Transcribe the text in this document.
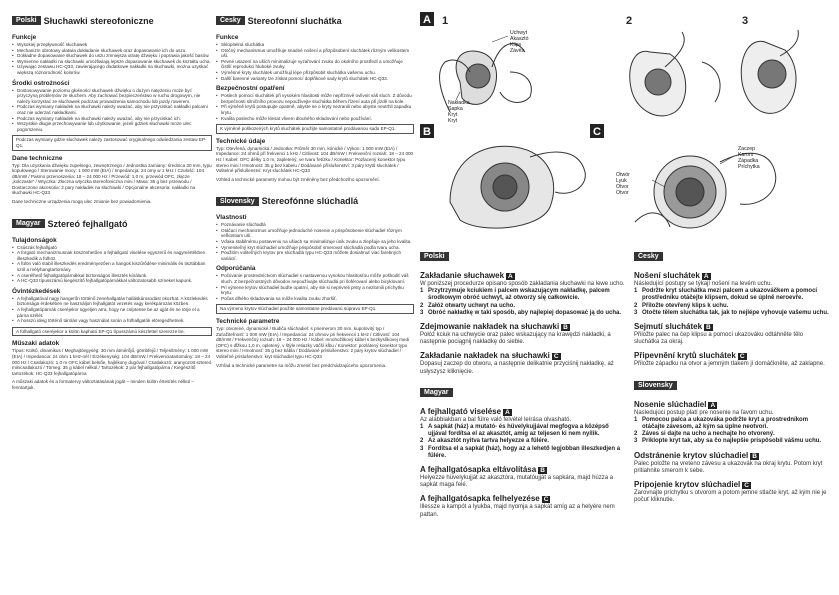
Polski Słuchawki stereofoniczne
Funkcje
• Wysokiej przepływność słuchawek
• Mechanizm obrotowy ułatwia dokładanie słuchawek oraz dopasowanie ich do uszu.
• Dokładne dopasowanie słuchawek do uszu zmniejsza utratę dźwięku i poprawia jakość basów.
• Wymienne nakładki na słuchawki umożliwiają lepsze dopasowanie słuchawek do kształtu ucha.
• Używając zestawu HC-Q33, zawierającego dodatkowe nakładki na słuchawki, można uzyskać większą różnorodność kolorów.
Środki ostrożności
• Dostosowywanie poziomu głośności słuchawek dźwięku o dużym natężeniu może być przyczyną problemów ze słuchem. Aby zachować bezpieczeństwo w ruchu drogowym, nie należy korzystać ze słuchawek podczas prowadzenia samochodu lub jazdy rowerem.
• Podczas wymiany nakładek na słuchawki należy uważać, aby nie przyciskać nakładki palcami oraz nie uderzać nakładkami.
• Podczas wymiany nakładek na słuchawki należy uważać, aby nie przyciskać ich.
• Wszystkie długie przechowywanie lub użytkowanie, jeżeli gdzieś słuchawki może ulec pogorszeniu.
Podczas wymiany gdzie słuchawek należy zastosować oryginalnego odwiedzania zestaw EP-Q1.
Dane techniczne
Typ: Dla uzyskania dźwięku zupełnego, zewnętrznego / Jednostka zamiany: średnica 30 mm, typu kopułowego / Sterowanie mocy: 1 000 mW (EIA) / Impedancja: 24 omy w 1 kHz / Czułość: 104 dB/mW / Pasmo przenoszenia: 18 – 24 000 Hz / Przewód: 1,0 m, przewód OFC, złącze „kolczaste” / Wtyczka: Złoczna wtyczka stereofoniczna mini / Masa: 35 g bez przewodu / Dostarczone akcesoria: 2 pary nakładek na słuchawki / Opcjonalne akcesoria: nakładki na słuchawki HC-Q33
Dane techniczne urządzenia mogą ulec zmianie bez powiadomienia.
Magyar Sztereó fejhallgató
Tulajdonságok
• Csúszás fejhallgató
• A forgató mechanizmusnak köszönhetően a fejhallgató viselése egyszerű és nagymértékben illeszkedik a fülhöz.
• A fülön való stabil illeszkedés eredményezően a hangok kiszűrődése minimális és tisztábban szól a mélyhangtartomány.
• A cserélhető fejhallgatópárnákkal biztonságos illesztés kínálunk.
• A HC-Q33 típusszámú kiegészítő fejhallgatópárnákkal változatosabb színeket kapunk.
Óvintézkedések
• A fejhallgatóval nagy hangerőn történő zenehallgatás halláskárosodást okozhat. A közlekedés biztonsága érdekében ne használjon fejhallgatót vezetés vagy kerékpározás közben.
• A fejhallgatópárnák cseréjekor ügyeljen arra, hogy ne csíptesse be az ujját és ne törje el a párna szélét.
• A hosszú ideig történő tárolás vagy használat során a fülhallgatók elöregedhetnek.
A fülhallgató cseréjekor a külön kapható EP-Q1 típusszámú készlettel szerezze be.
Műszaki adatok
Típus: Külső, dinamikus / Meghajtóegység: 30 mm átmérőjű, gömbfejű / Teljesítmény: 1 000 mW (EIA) / Impedancia: 24 ohm 1 kHz-nél / Érzékenység: 104 dB/mW / Frekvenciatartomány: 18 – 24 000 Hz / Csatlakozó: 1,0 m OFC kábel belsőe, hajlékony dugóval / Csatlakozó: aranyozott sztereó minicsatlakozó / Tömeg: 35 g kábel nélkül / Tartozékok: 2 pár fejhallgatópárna / Kiegészítő tartozékok: HC-Q33 fejhallgatópárna
A műszaki adatok és a formatervy változtatásának jogát – minden külön értesítés nélkül – fenntartjuk.
Česky Stereofonní sluchátka
Funkce
• Sklopitelná sluchátka
• Otočný mechanismus umožňuje snadné nošení a přizpůsobení sluchátek různým velikostem uší.
• Pevné usazení na uších minimalizuje vyzařování zvuku do okolního prostředí a umožňuje čistší reprodukci hluboké zvuky.
• Výměnné kryty sluchátek umožňují lépe přizpůsobit sluchátka vašemu uchu.
• Další barevné varianty lze získat pomocí doplňkové sady krytů sluchátek HC-Q33.
Bezpečnostní opatření
• Poslech pomocí sluchátek při vysokém hlasitosti může nepříznivě ovlivnit váš sluch. Z důvodu bezpečnosti silničního provozu nepoužívejte sluchátka během řízení auta při jízdě na kole.
• Při výměně krytů postupujte opatrně, abyste se o kryty nezranili nebo abyste neutrhli zapadku krytu.
• Kvalita poslechu může klesat vlivem dlouhého skladování nebo používání.
K výměně poškozených krytů sluchátek použijte samostatně prodávanou sadu EP-Q1.
Technické údaje
Typ: Otevřená, dynamická / Jednotka: Průměr 30 mm, kónické / Výkon: 1 000 mW (EIA) / Impedance: 24 ohmů při frekvenci 1 kHz / Citlivost: 104 dB/mW / Frekvenční rozsah: 18 – 24 000 Hz / Kabel: OFC délky 1,0 m, zapletený, ve tvaru řetízku / Konektor: Pozlacený konektor typu stereo mini / Hmotnost: 35 g bez kabelu / Dodávané příslušenství: 3 páry krytů sluchátek / Volitelné příslušenství: Kryt sluchátek HC-Q33
Vzhled a technické parametry mohou být změněny bez předchozího upozornění.
Slovensky Stereofónne slúchadlá
Vlastnosti
• Poznávanie slúchadlá
• Otáčací mechanizmus umožňuje jednoduché nosenie a prispôsobenie slúchadiel rôznym veľkostiam uší.
• Vďaka stabilnému postaveniu na ušiach sa minimalizuje únik zvuku a zlepšuje sa jeho kvalita.
• Vymeniteľný kryt slúchadiel umožňuje prispôsobiť smerovať slúchadlá podľa tvaru ucha.
• Použitím voliteľných krytov pre slúchadlá typu HC-Q33 môžete dosiahnuť viac farebných variácií.
Odporúčania
• Počúvanie prostredníctvom slúchadiel s nastavenou vysokou hlasitosťou môže poškodiť váš sluch. Z bezpečnostných dôvodov nepoužívajte slúchadlá pri šoférovaní alebo bicyklovaní.
• Pri výmene krytov slúchadiel buďte opatrní, aby ste si neprivreli prsty a nezlomili príchytku krytu.
• Počas dlhého skladovania sa môže kvalita zvuku zhoršiť.
Na výmenu krytov slúchadiel použite samostatne predávanú súpravu EP-Q1.
Technické parametre
Typ: otvorené, dynamické / Budiča slúchadiel: s priemerom 30 mm, kupolovitý typ / Zaťažiteľnosť: 1 000 mW (EIA) / Impedancia: 24 ohmov pri frekvencii 1 kHz / Citlivosť: 104 dB/mW / Frekvenčný rozsah: 18 – 24 000 Hz / Kábel: mnohožilkový kábel s bezkyslíkovej medi (OFC) s dĺžkou 1,0 m, opletený, v štýle retiazky väčší kĺbu / Konektor: pozlátený konektor typu stereo mini / Hmotnosť: 35 g bez kábla / Dodávané príslušenstvo: 2 páry krytov slúchadiel / Voliteľné príslušenstvo: kryt slúchadiel typu HC-Q33
Vzhľad a technické parametre sa môžu zmeniť bez predchádzajúceho upozornenia.
A 1	2	3
Uchwyt Akasztó Klips Závěs
Nakładka Sapka Kryt Kryt
B	C
Zaczep Karom Západka Príchytka
Otwór Lyuk Otvor Otvor
Polski
Zakładanie słuchawek A
W poniższej procedurze opisano sposób zakładania słuchawki na lewe ucho.
1 Przytrzymuje kciukiem i palcem wskazującym nakładkę, palcem środkowym obróć uchwyt, aż otworzy się całkowicie.
2 Załóż otwarty uchwyt na ucho.
3 Obróć nakładkę w taki sposób, aby najlepiej dopasować ją do ucha.
Zdejmowanie nakładek na słuchawki B
Połóż kciuk na uchwycie oraz palec wskazujący na krawędzi nakładki, a następnie pociągnij nakładkę do siebie.
Zakładanie nakładek na słuchawki C
Dopasuj zaczep do otworu, a następnie delikatnie przyciśnij nakładkę, aż usłyszysz kliknięcie.
Magyar
A fejhallgató viselése A
Az alábbiakban a bal fülre való felvétel leírása olvasható.
1 A sapkát (ház) a mutató- és hüvelykujjával megfogva a középső ujjával fordítsa el az akasztót, amig az teljesen ki nem nyílik.
2 Az akasztót nyitva tartva helyezze a fülére.
3 Fordítsa el a sapkát (ház), hogy az a lehető legjobban illeszkedjen a fülére.
A fejhallgatósapka eltávolítása B
Helyezze hüvelykujját az akasztóra, mutatóujját a sapkára, majd húzza a sapkát maga felé.
A fejhallgatósapka felhelyezése C
Illessze a kampót a lyukba, majd nyomja a sapkát amíg az a helyére nem pattan.
Česky
Nošení sluchátek A
Následující postupy se týkají nošení na levém uchu.
1 Podržte kryt sluchátka mezi palcem a ukazováčkem a pomocí prostředníku otáčejte klipsem, dokud se úplně neroevře.
2 Přiložte otevřený klips k uchu.
3 Otočte tělem sluchátka tak, jak to nejlépe vyhovuje vašemu uchu.
Sejmutí sluchátek B
Přiložte palec na čep klipsu a pomocí ukazováku odtáhněte tělo sluchátka za okraj.
Připevnění krytů sluchátek C
Přiložte západku na otvor a jemným tlakem jí domáčkněte, až zaklapne.
Slovensky
Nosenie slúchadiel A
Nasledujúci postup platí pre nosenie na ľavom uchu.
1 Pomocou palca a ukazováka podržte kryt a prostredníkom otáčajte závesom, až kým sa úplne neotvorí.
2 Záves si dajte na ucho a nechajte ho otvorený.
3 Priklopte kryt tak, aby sa čo najlepšie prispôsobil vášmu uchu.
Odstránenie krytov slúchadiel B
Palec položte na vreteno závesu a ukazovák na okraj krytu. Potom kryt pritiahnite smerom k sebe.
Pripojenie krytov slúchadiel C
Zarovnajte príchytku s otvorom a potom jemne stlačte kryt, až kým nie je počuť kliknutie.
